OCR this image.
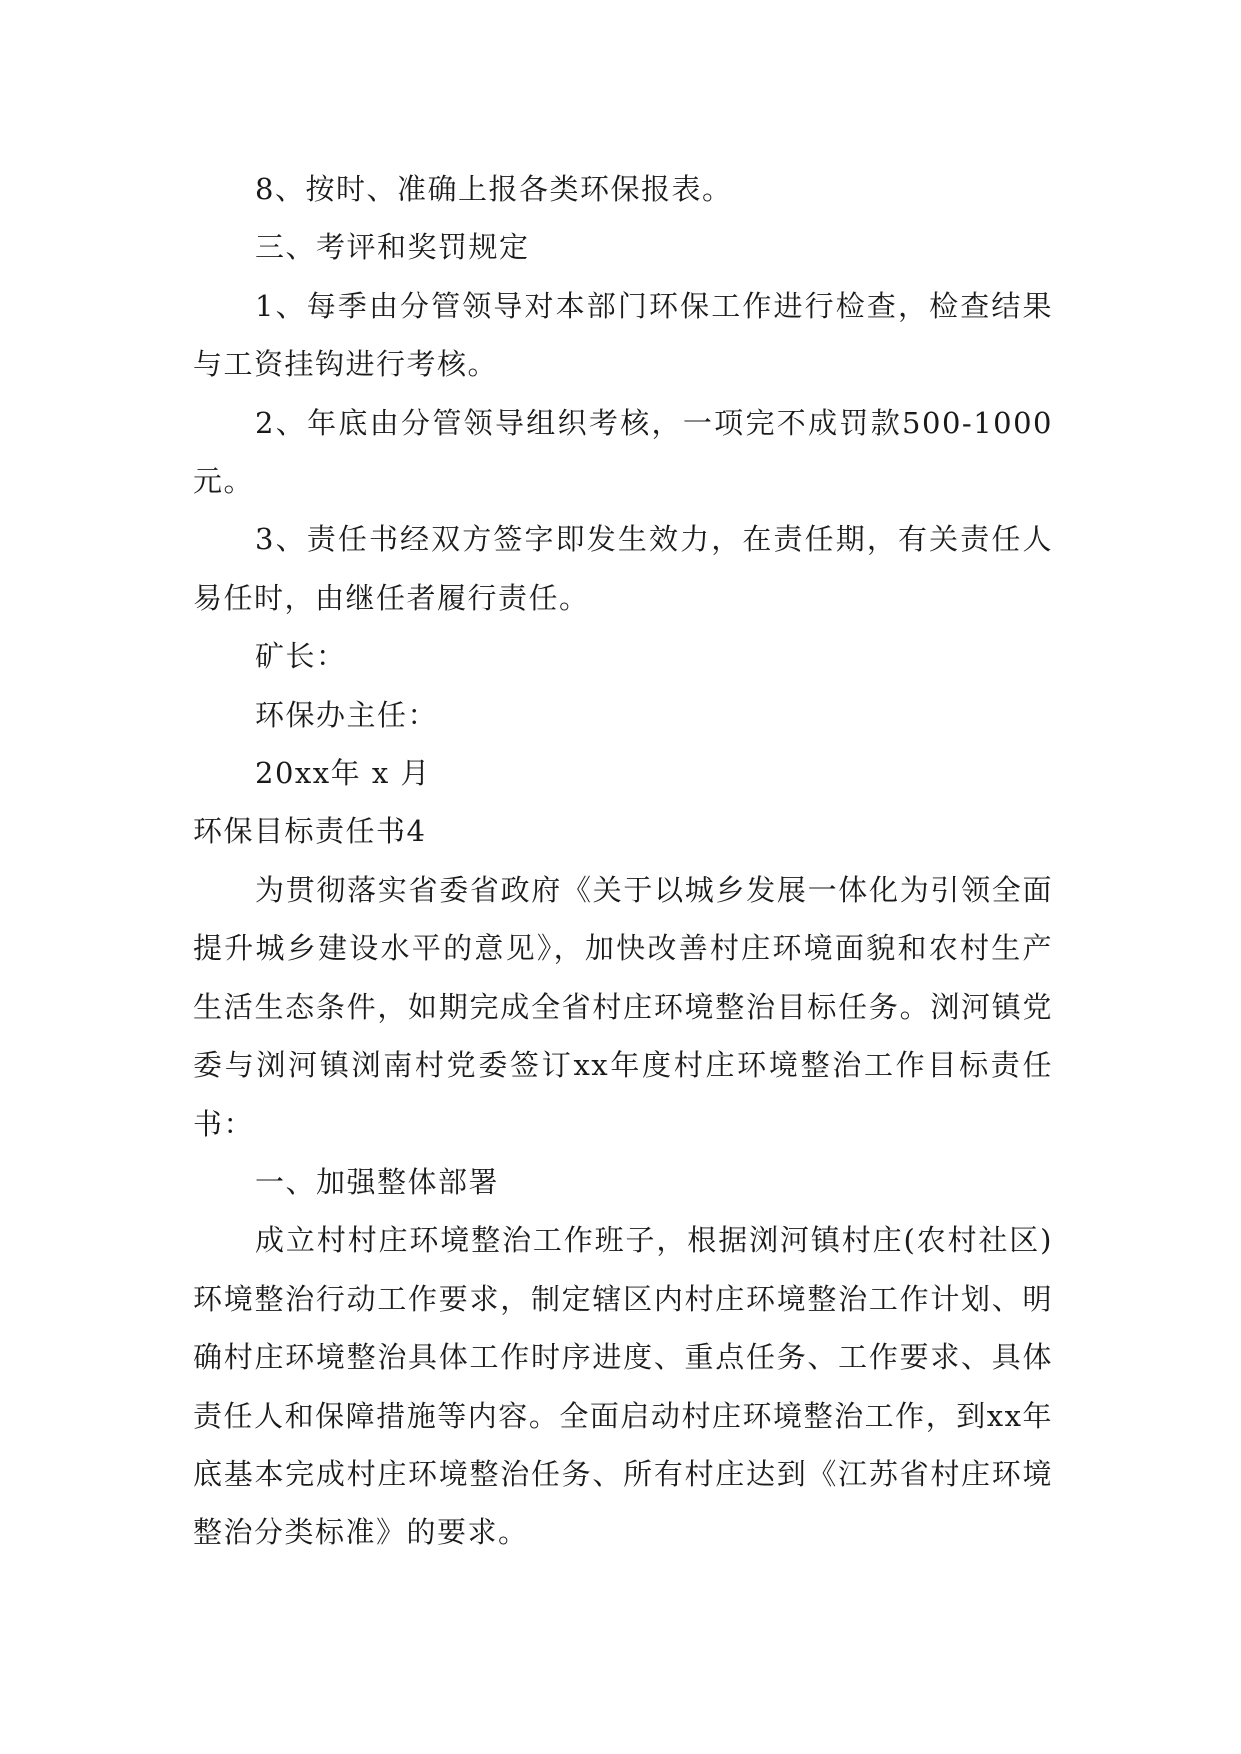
8、按时、准确上报各类环保报表。

三、考评和奖罚规定

1、每季由分管领导对本部门环保工作进行检查，检查结果与工资挂钩进行考核。

2、年底由分管领导组织考核，一项完不成罚款500-1000元。

3、责任书经双方签字即发生效力，在责任期，有关责任人易任时，由继任者履行责任。

矿长：

环保办主任：

20xx年 x 月

环保目标责任书4

为贯彻落实省委省政府《关于以城乡发展一体化为引领全面提升城乡建设水平的意见》，加快改善村庄环境面貌和农村生产生活生态条件，如期完成全省村庄环境整治目标任务。浏河镇党委与浏河镇浏南村党委签订xx年度村庄环境整治工作目标责任书：

一、加强整体部署

成立村村庄环境整治工作班子，根据浏河镇村庄(农村社区)环境整治行动工作要求，制定辖区内村庄环境整治工作计划、明确村庄环境整治具体工作时序进度、重点任务、工作要求、具体责任人和保障措施等内容。全面启动村庄环境整治工作，到xx年底基本完成村庄环境整治任务、所有村庄达到《江苏省村庄环境整治分类标准》的要求。
